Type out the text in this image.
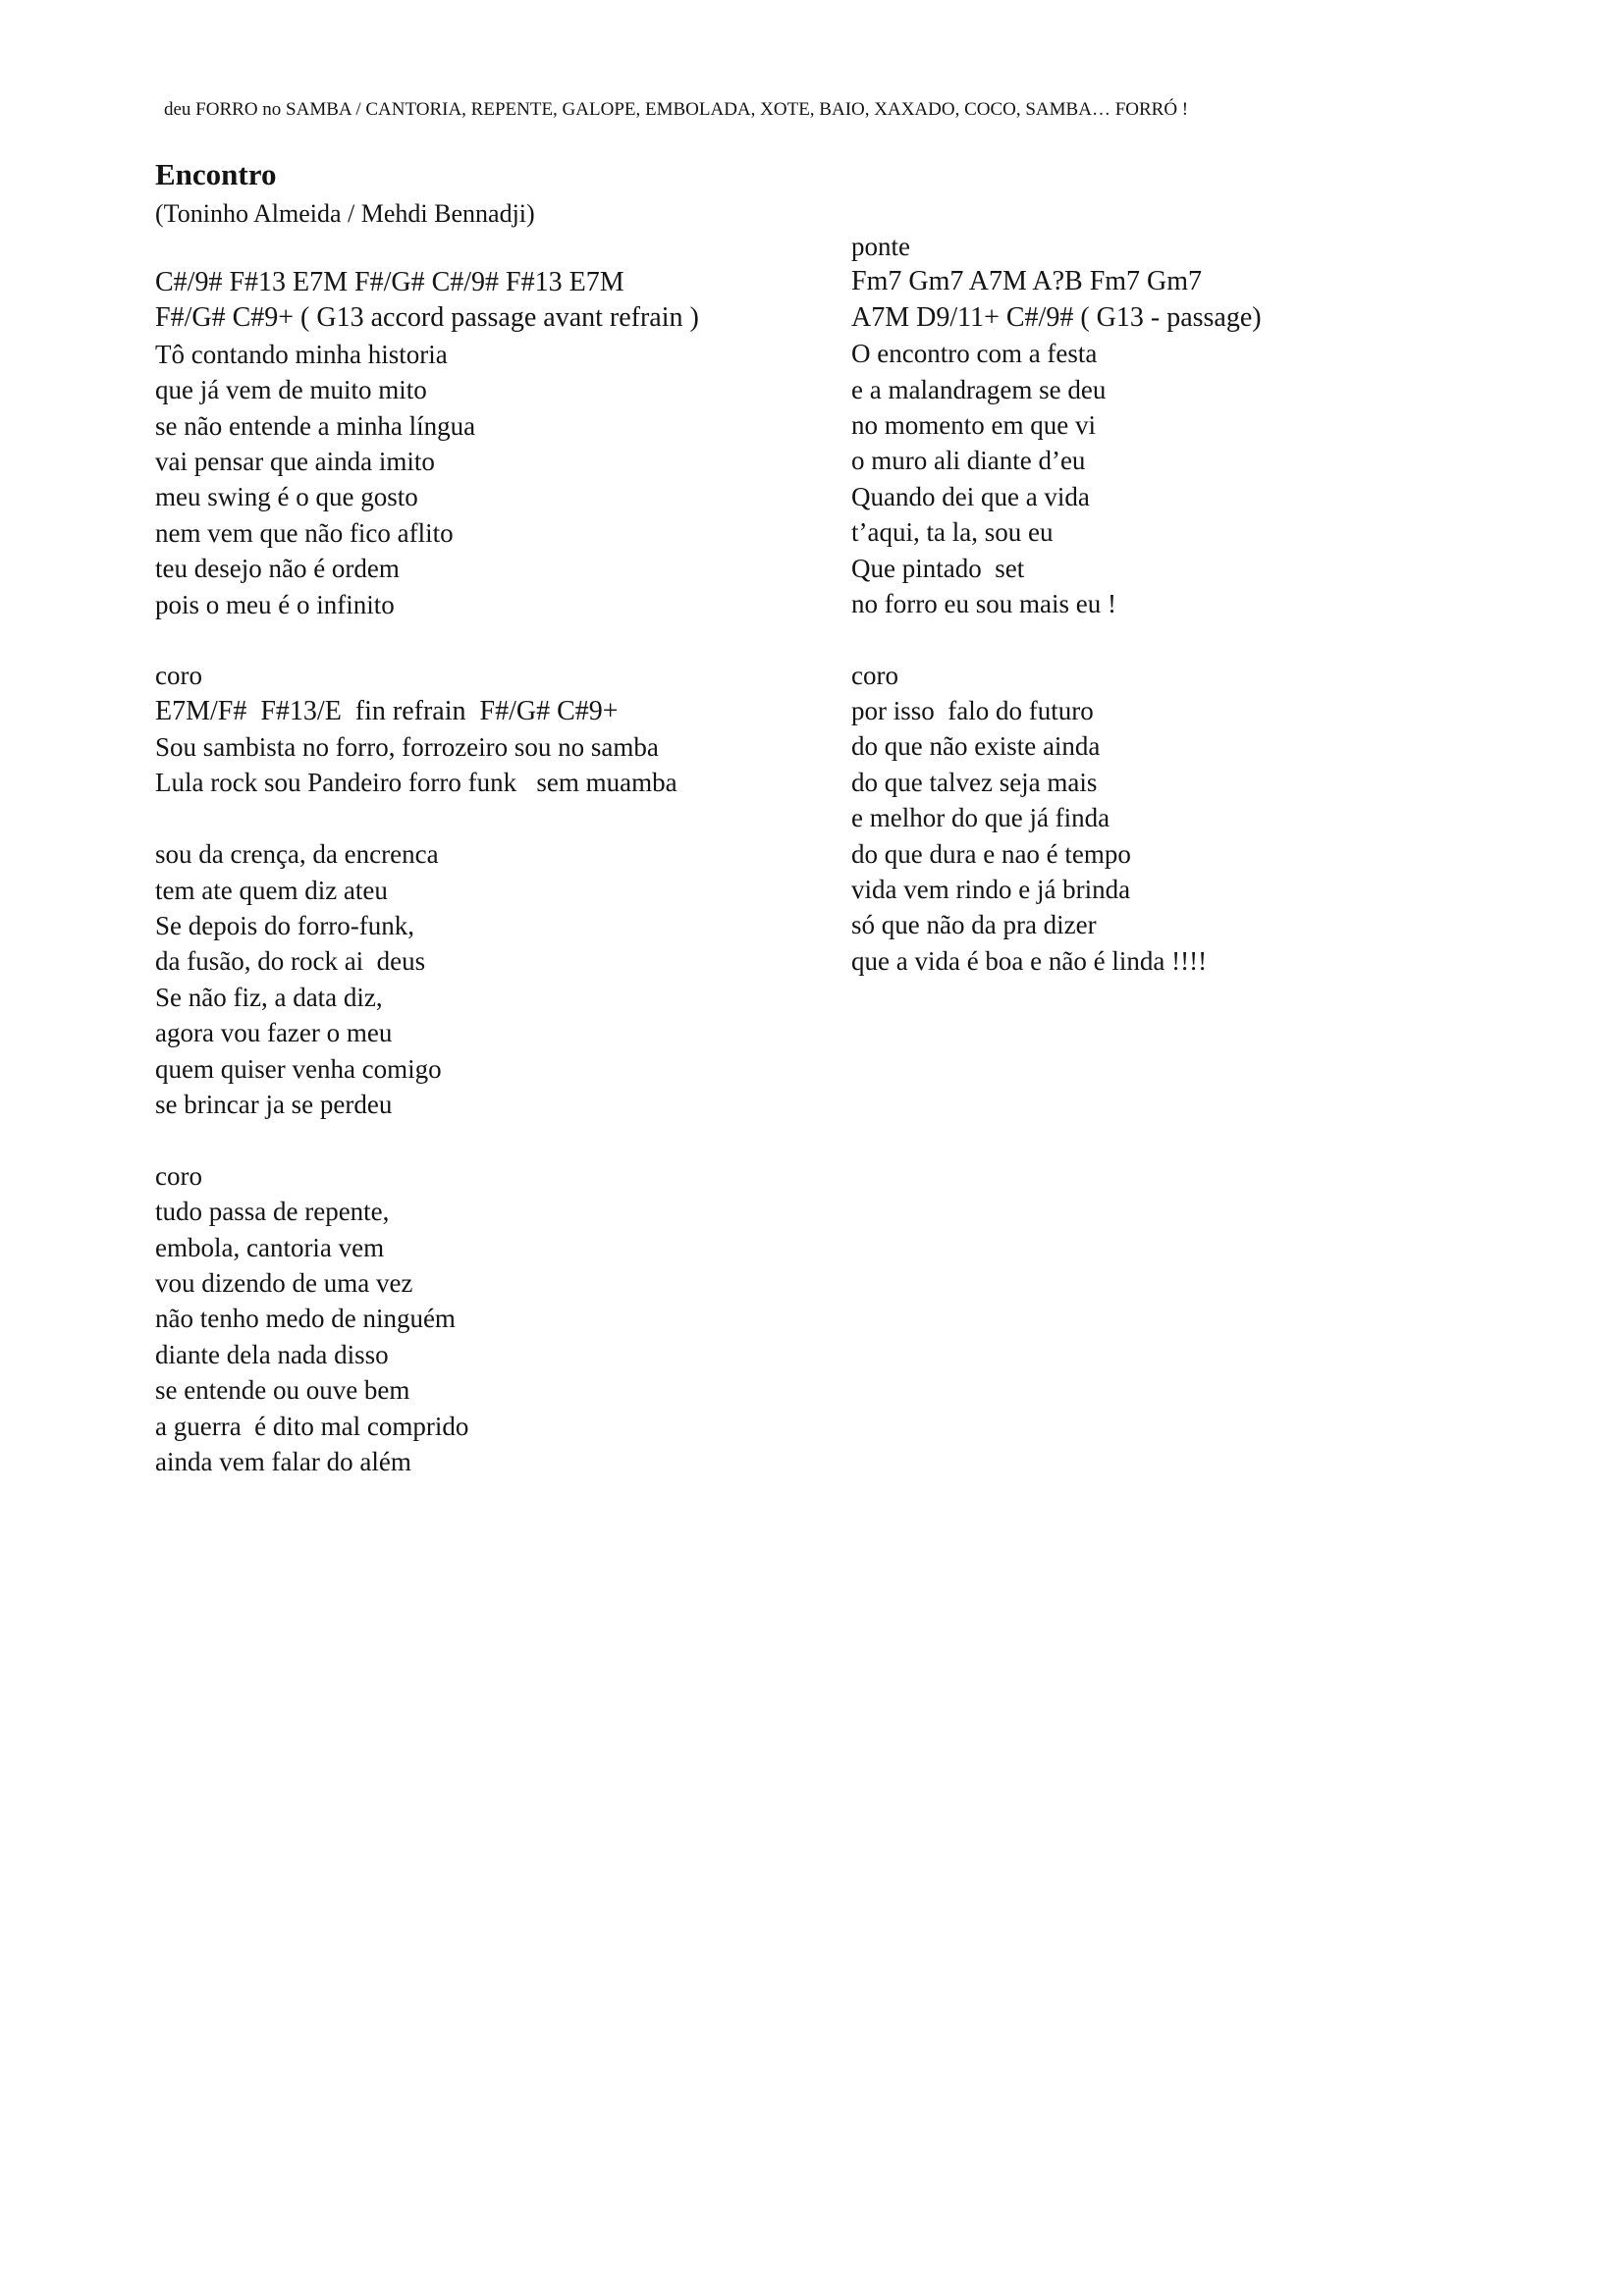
deu FORRO no SAMBA / CANTORIA, REPENTE, GALOPE, EMBOLADA, XOTE, BAIO, XAXADO, COCO, SAMBA… FORRÓ !
Encontro
(Toninho Almeida / Mehdi Bennadji)
C#/9# F#13 E7M F#/G# C#/9# F#13 E7M
F#/G# C#9+ ( G13 accord passage avant refrain )
Tô contando minha historia
que já vem de muito mito
se não entende a minha língua
vai pensar que ainda imito
meu swing é o que gosto
nem vem que não fico aflito
teu desejo não é ordem
pois o meu é o infinito
coro
E7M/F#  F#13/E  fin refrain  F#/G# C#9+
Sou sambista no forro, forrozeiro sou no samba
Lula rock sou Pandeiro forro funk   sem muamba
sou da crença, da encrenca
tem ate quem diz ateu
Se depois do forro-funk,
da fusão, do rock ai  deus
Se não fiz, a data diz,
agora vou fazer o meu
quem quiser venha comigo
se brincar ja se perdeu
coro
tudo passa de repente,
embola, cantoria vem
vou dizendo de uma vez
não tenho medo de ninguém
diante dela nada disso
se entende ou ouve bem
a guerra  é dito mal comprido
ainda vem falar do além
ponte
Fm7 Gm7 A7M A?B Fm7 Gm7
A7M D9/11+ C#/9# ( G13 - passage)
O encontro com a festa
e a malandragem se deu
no momento em que vi
o muro ali diante d’eu
Quando dei que a vida
t’aqui, ta la, sou eu
Que pintado  set
no forro eu sou mais eu !
coro
por isso  falo do futuro
do que não existe ainda
do que talvez seja mais
e melhor do que já finda
do que dura e nao é tempo
vida vem rindo e já brinda
só que não da pra dizer
que a vida é boa e não é linda !!!!
